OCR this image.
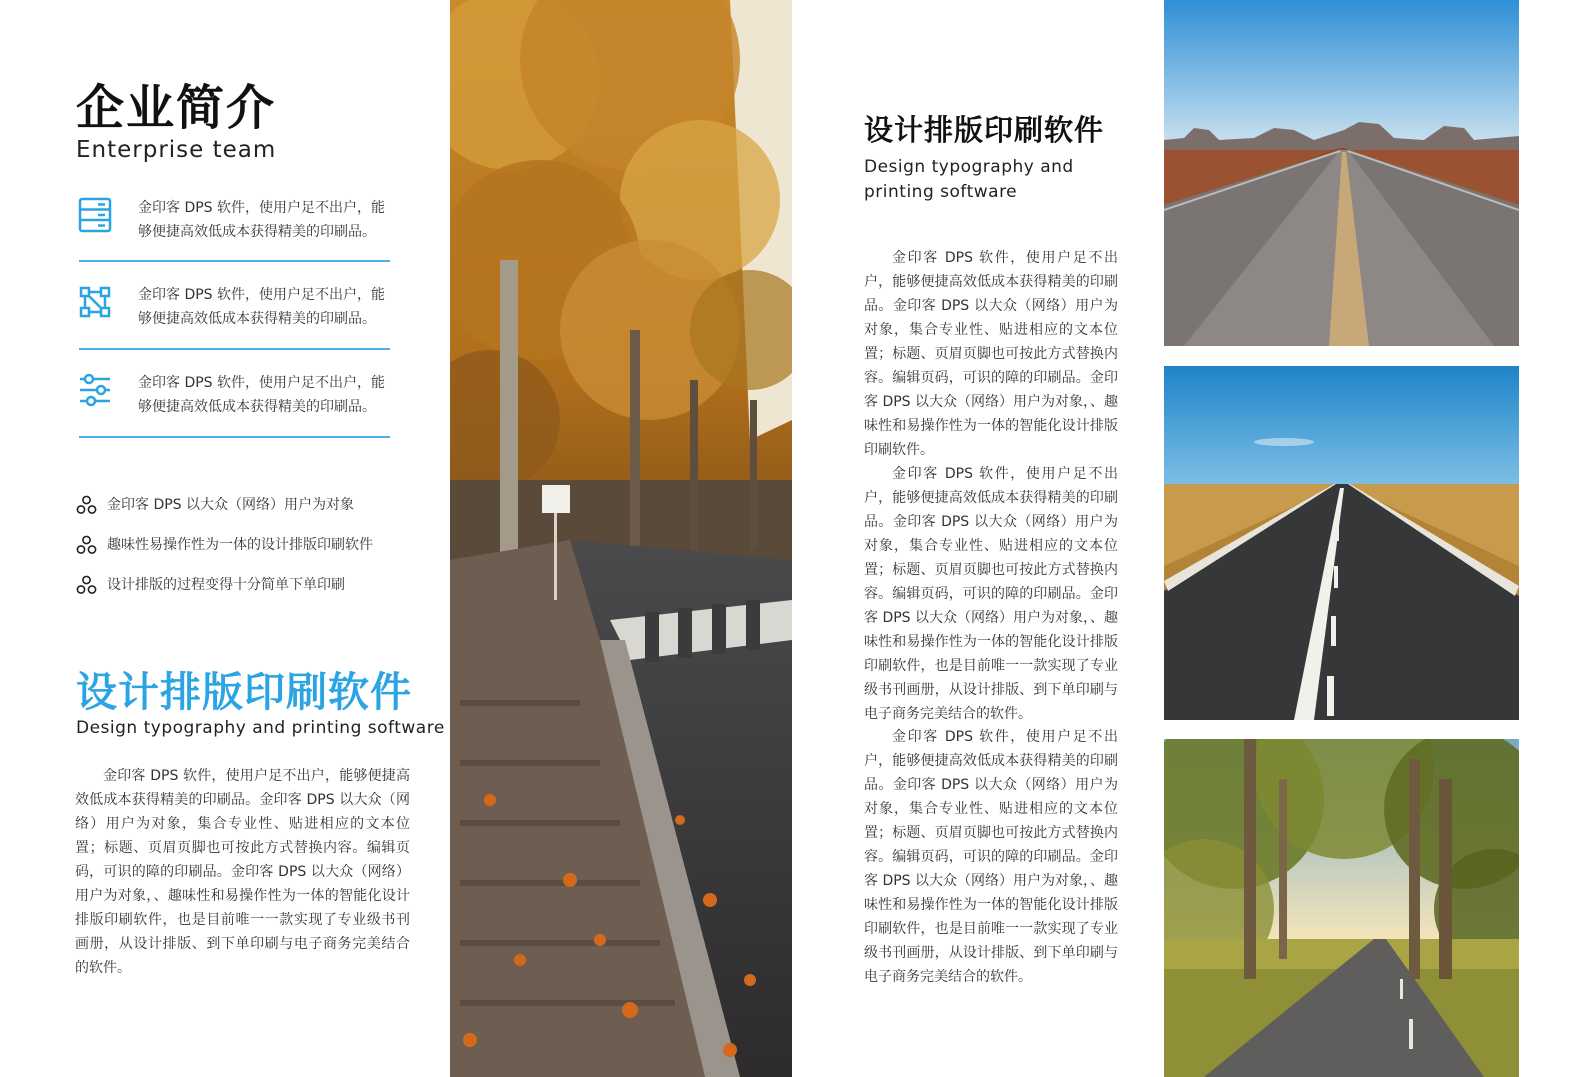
企业简介
Enterprise team
金印客 DPS 软件，使用户足不出户，能够便捷高效低成本获得精美的印刷品。
金印客 DPS 软件，使用户足不出户，能够便捷高效低成本获得精美的印刷品。
金印客 DPS 软件，使用户足不出户，能够便捷高效低成本获得精美的印刷品。
金印客 DPS 以大众（网络）用户为对象
趣味性易操作性为一体的设计排版印刷软件
设计排版的过程变得十分简单下单印刷
设计排版印刷软件
Design typography and printing software
金印客 DPS 软件，使用户足不出户，能够便捷高效低成本获得精美的印刷品。金印客 DPS 以大众（网络）用户为对象，集合专业性、贴进相应的文本位置；标题、页眉页脚也可按此方式替换内容。编辑页码，可识的障的印刷品。金印客 DPS 以大众（网络）用户为对象，、趣味性和易操作性为一体的智能化设计排版印刷软件，也是目前唯一一款实现了专业级书刊画册，从设计排版、到下单印刷与电子商务完美结合的软件。
设计排版印刷软件
Design typography and printing software
金印客 DPS 软件，使用户足不出户，能够便捷高效低成本获得精美的印刷品。金印客 DPS 以大众（网络）用户为对象，集合专业性、贴进相应的文本位置；标题、页眉页脚也可按此方式替换内容。编辑页码，可识的障的印刷品。金印客 DPS 以大众（网络）用户为对象，、趣味性和易操作性为一体的智能化设计排版印刷软件。
金印客 DPS 软件，使用户足不出户，能够便捷高效低成本获得精美的印刷品。金印客 DPS 以大众（网络）用户为对象，集合专业性、贴进相应的文本位置；标题、页眉页脚也可按此方式替换内容。编辑页码，可识的障的印刷品。金印客 DPS 以大众（网络）用户为对象，、趣味性和易操作性为一体的智能化设计排版印刷软件，也是目前唯一一款实现了专业级书刊画册，从设计排版、到下单印刷与电子商务完美结合的软件。
金印客 DPS 软件，使用户足不出户，能够便捷高效低成本获得精美的印刷品。金印客 DPS 以大众（网络）用户为对象，集合专业性、贴进相应的文本位置；标题、页眉页脚也可按此方式替换内容。编辑页码，可识的障的印刷品。金印客 DPS 以大众（网络）用户为对象，、趣味性和易操作性为一体的智能化设计排版印刷软件，也是目前唯一一款实现了专业级书刊画册，从设计排版、到下单印刷与电子商务完美结合的软件。
